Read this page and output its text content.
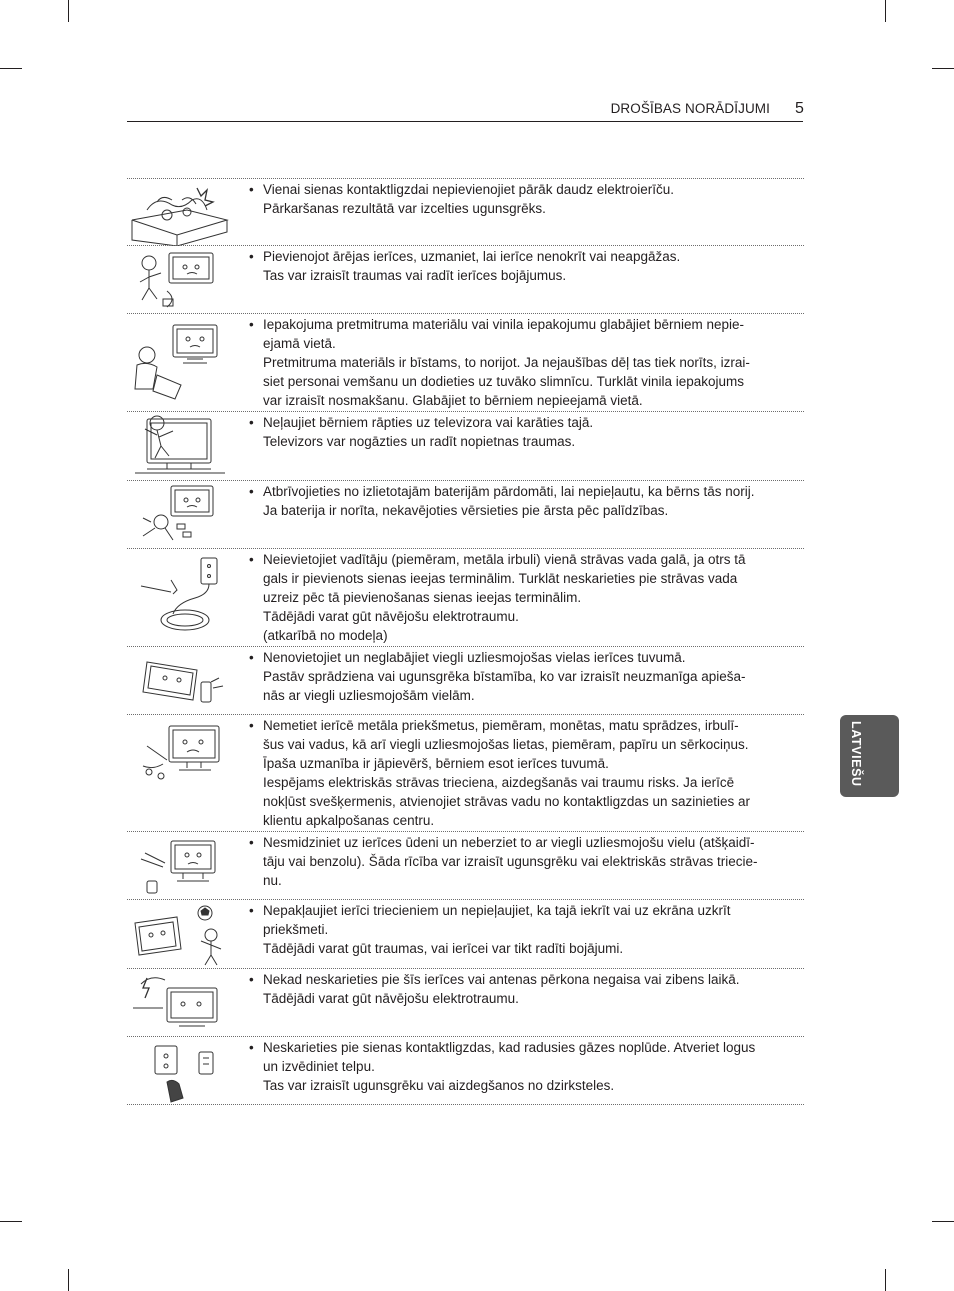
DROŠĪBAS NORĀDĪJUMI 5
LATVIEŠU
• Vienai sienas kontaktligzdai nepievienojiet pārāk daudz elektroierīču.
Pārkaršanas rezultātā var izcelties ugunsgrēks.
• Pievienojot ārējas ierīces, uzmaniet, lai ierīce nenokrīt vai neapgāžas.
Tas var izraisīt traumas vai radīt ierīces bojājumus.
• Iepakojuma pretmitruma materiālu vai vinila iepakojumu glabājiet bērniem nepie-
ejamā vietā.
Pretmitruma materiāls ir bīstams, to norijot. Ja nejaušības dēļ tas tiek norīts, izrai-
siet personai vemšanu un dodieties uz tuvāko slimnīcu. Turklāt vinila iepakojums
var izraisīt nosmakšanu. Glabājiet to bērniem nepieejamā vietā.
• Neļaujiet bērniem rāpties uz televizora vai karāties tajā.
Televizors var nogāzties un radīt nopietnas traumas.
• Atbrīvojieties no izlietotajām baterijām pārdomāti, lai nepieļautu, ka bērns tās norij.
Ja baterija ir norīta, nekavējoties vērsieties pie ārsta pēc palīdzības.
• Neievietojiet vadītāju (piemēram, metāla irbuli) vienā strāvas vada galā, ja otrs tā
gals ir pievienots sienas ieejas terminālim. Turklāt neskarieties pie strāvas vada
uzreiz pēc tā pievienošanas sienas ieejas terminālim.
Tādējādi varat gūt nāvējošu elektrotraumu.
(atkarībā no modeļa)
• Nenovietojiet un neglabājiet viegli uzliesmojošas vielas ierīces tuvumā.
Pastāv sprādziena vai ugunsgrēka bīstamība, ko var izraisīt neuzmanīga apieša-
nās ar viegli uzliesmojošām vielām.
• Nemetiet ierīcē metāla priekšmetus, piemēram, monētas, matu sprādzes, irbulī-
šus vai vadus, kā arī viegli uzliesmojošas lietas, piemēram, papīru un sērkociņus.
Īpaša uzmanība ir jāpievērš, bērniem esot ierīces tuvumā.
Iespējams elektriskās strāvas trieciena, aizdegšanās vai traumu risks. Ja ierīcē
nokļūst svešķermenis, atvienojiet strāvas vadu no kontaktligzdas un sazinieties ar
klientu apkalpošanas centru.
• Nesmidziniet uz ierīces ūdeni un neberziet to ar viegli uzliesmojošu vielu (atšķaidī-
tāju vai benzolu). Šāda rīcība var izraisīt ugunsgrēku vai elektriskās strāvas triecie-
nu.
• Nepakļaujiet ierīci triecieniem un nepieļaujiet, ka tajā iekrīt vai uz ekrāna uzkrīt
priekšmeti.
Tādējādi varat gūt traumas, vai ierīcei var tikt radīti bojājumi.
• Nekad neskarieties pie šīs ierīces vai antenas pērkona negaisa vai zibens laikā.
Tādējādi varat gūt nāvējošu elektrotraumu.
• Neskarieties pie sienas kontaktligzdas, kad radusies gāzes noplūde. Atveriet logus
un izvēdiniet telpu.
Tas var izraisīt ugunsgrēku vai aizdegšanos no dzirksteles.
